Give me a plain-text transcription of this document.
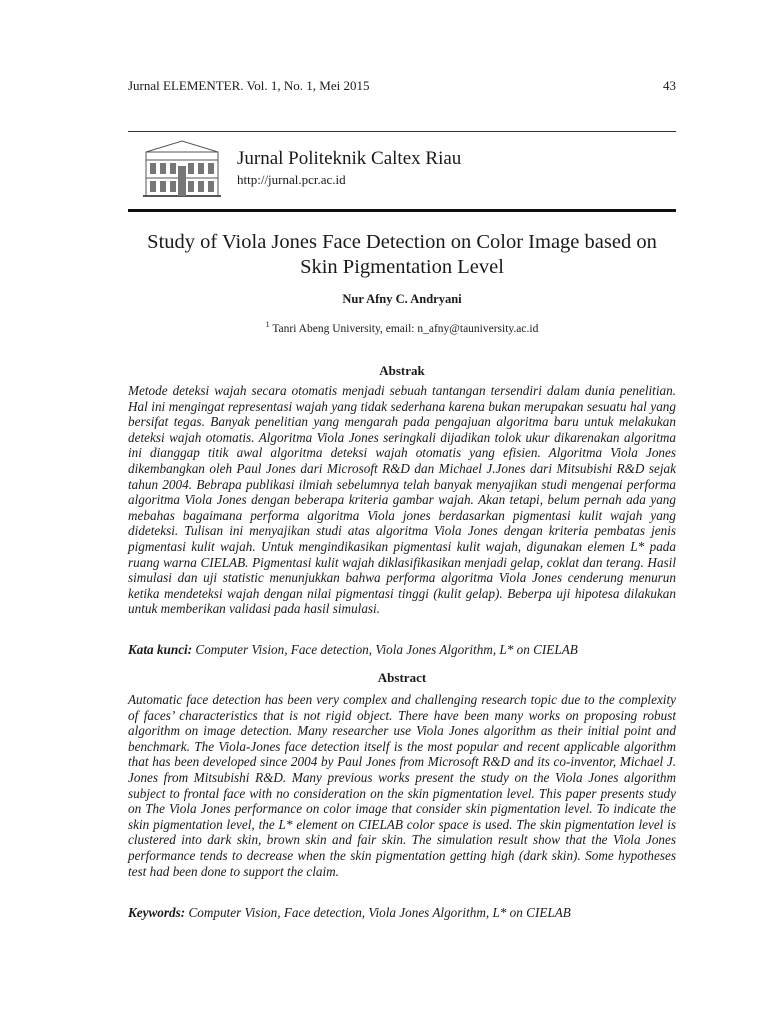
Jurnal ELEMENTER. Vol. 1, No. 1, Mei 2015	43
Jurnal Politeknik Caltex Riau
http://jurnal.pcr.ac.id
Study of Viola Jones Face Detection on Color Image based on Skin Pigmentation Level
Nur Afny C. Andryani
$^1$ Tanri Abeng University, email: n_afny@tauniversity.ac.id
Abstrak

Metode deteksi wajah secara otomatis menjadi sebuah tantangan tersendiri dalam dunia penelitian. Hal ini mengingat representasi wajah yang tidak sederhana karena bukan merupakan sesuatu hal yang bersifat tegas. Banyak penelitian yang mengarah pada pengajuan algoritma baru untuk melakukan deteksi wajah otomatis. Algoritma Viola Jones seringkali dijadikan tolok ukur dikarenakan algoritma ini dianggap titik awal algoritma deteksi wajah otomatis yang efisien. Algoritma Viola Jones dikembangkan oleh Paul Jones dari Microsoft R&D dan Michael J.Jones dari Mitsubishi R&D sejak tahun 2004. Bebrapa publikasi ilmiah sebelumnya telah banyak menyajikan studi mengenai performa algoritma Viola Jones dengan beberapa kriteria gambar wajah. Akan tetapi, belum pernah ada yang mebahas bagaimana performa algoritma Viola jones berdasarkan pigmentasi kulit wajah yang dideteksi. Tulisan ini menyajikan studi atas algoritma Viola Jones dengan kriteria pembatas jenis pigmentasi kulit wajah. Untuk mengindikasikan pigmentasi kulit wajah, digunakan elemen L* pada ruang warna CIELAB. Pigmentasi kulit wajah diklasifikasikan menjadi gelap, coklat dan terang. Hasil simulasi dan uji statistic menunjukkan bahwa performa algoritma Viola Jones cenderung menurun ketika mendeteksi wajah dengan nilai pigmentasi tinggi (kulit gelap). Beberpa uji hipotesa dilakukan untuk memberikan validasi pada hasil simulasi.

Kata kunci: Computer Vision, Face detection, Viola Jones Algorithm, L* on CIELAB
Abstract

Automatic face detection has been very complex and challenging research topic due to the complexity of faces’ characteristics that is not rigid object. There have been many works on proposing robust algorithm on image detection. Many researcher use Viola Jones algorithm as their initial point and benchmark. The Viola-Jones face detection itself is the most popular and recent applicable algorithm that has been developed since 2004 by Paul Jones from Microsoft R&D and its co-inventor, Michael J. Jones from Mitsubishi R&D. Many previous works present the study on the Viola Jones algorithm subject to frontal face with no consideration on the skin pigmentation level. This paper presents study on The Viola Jones performance on color image that consider skin pigmentation level. To indicate the skin pigmentation level, the L* element on CIELAB color space is used. The skin pigmentation level is clustered into dark skin, brown skin and fair skin. The simulation result show that the Viola Jones performance tends to decrease when the skin pigmentation getting high (dark skin). Some hypotheses test had been done to support the claim.

Keywords: Computer Vision, Face detection, Viola Jones Algorithm, L* on CIELAB
